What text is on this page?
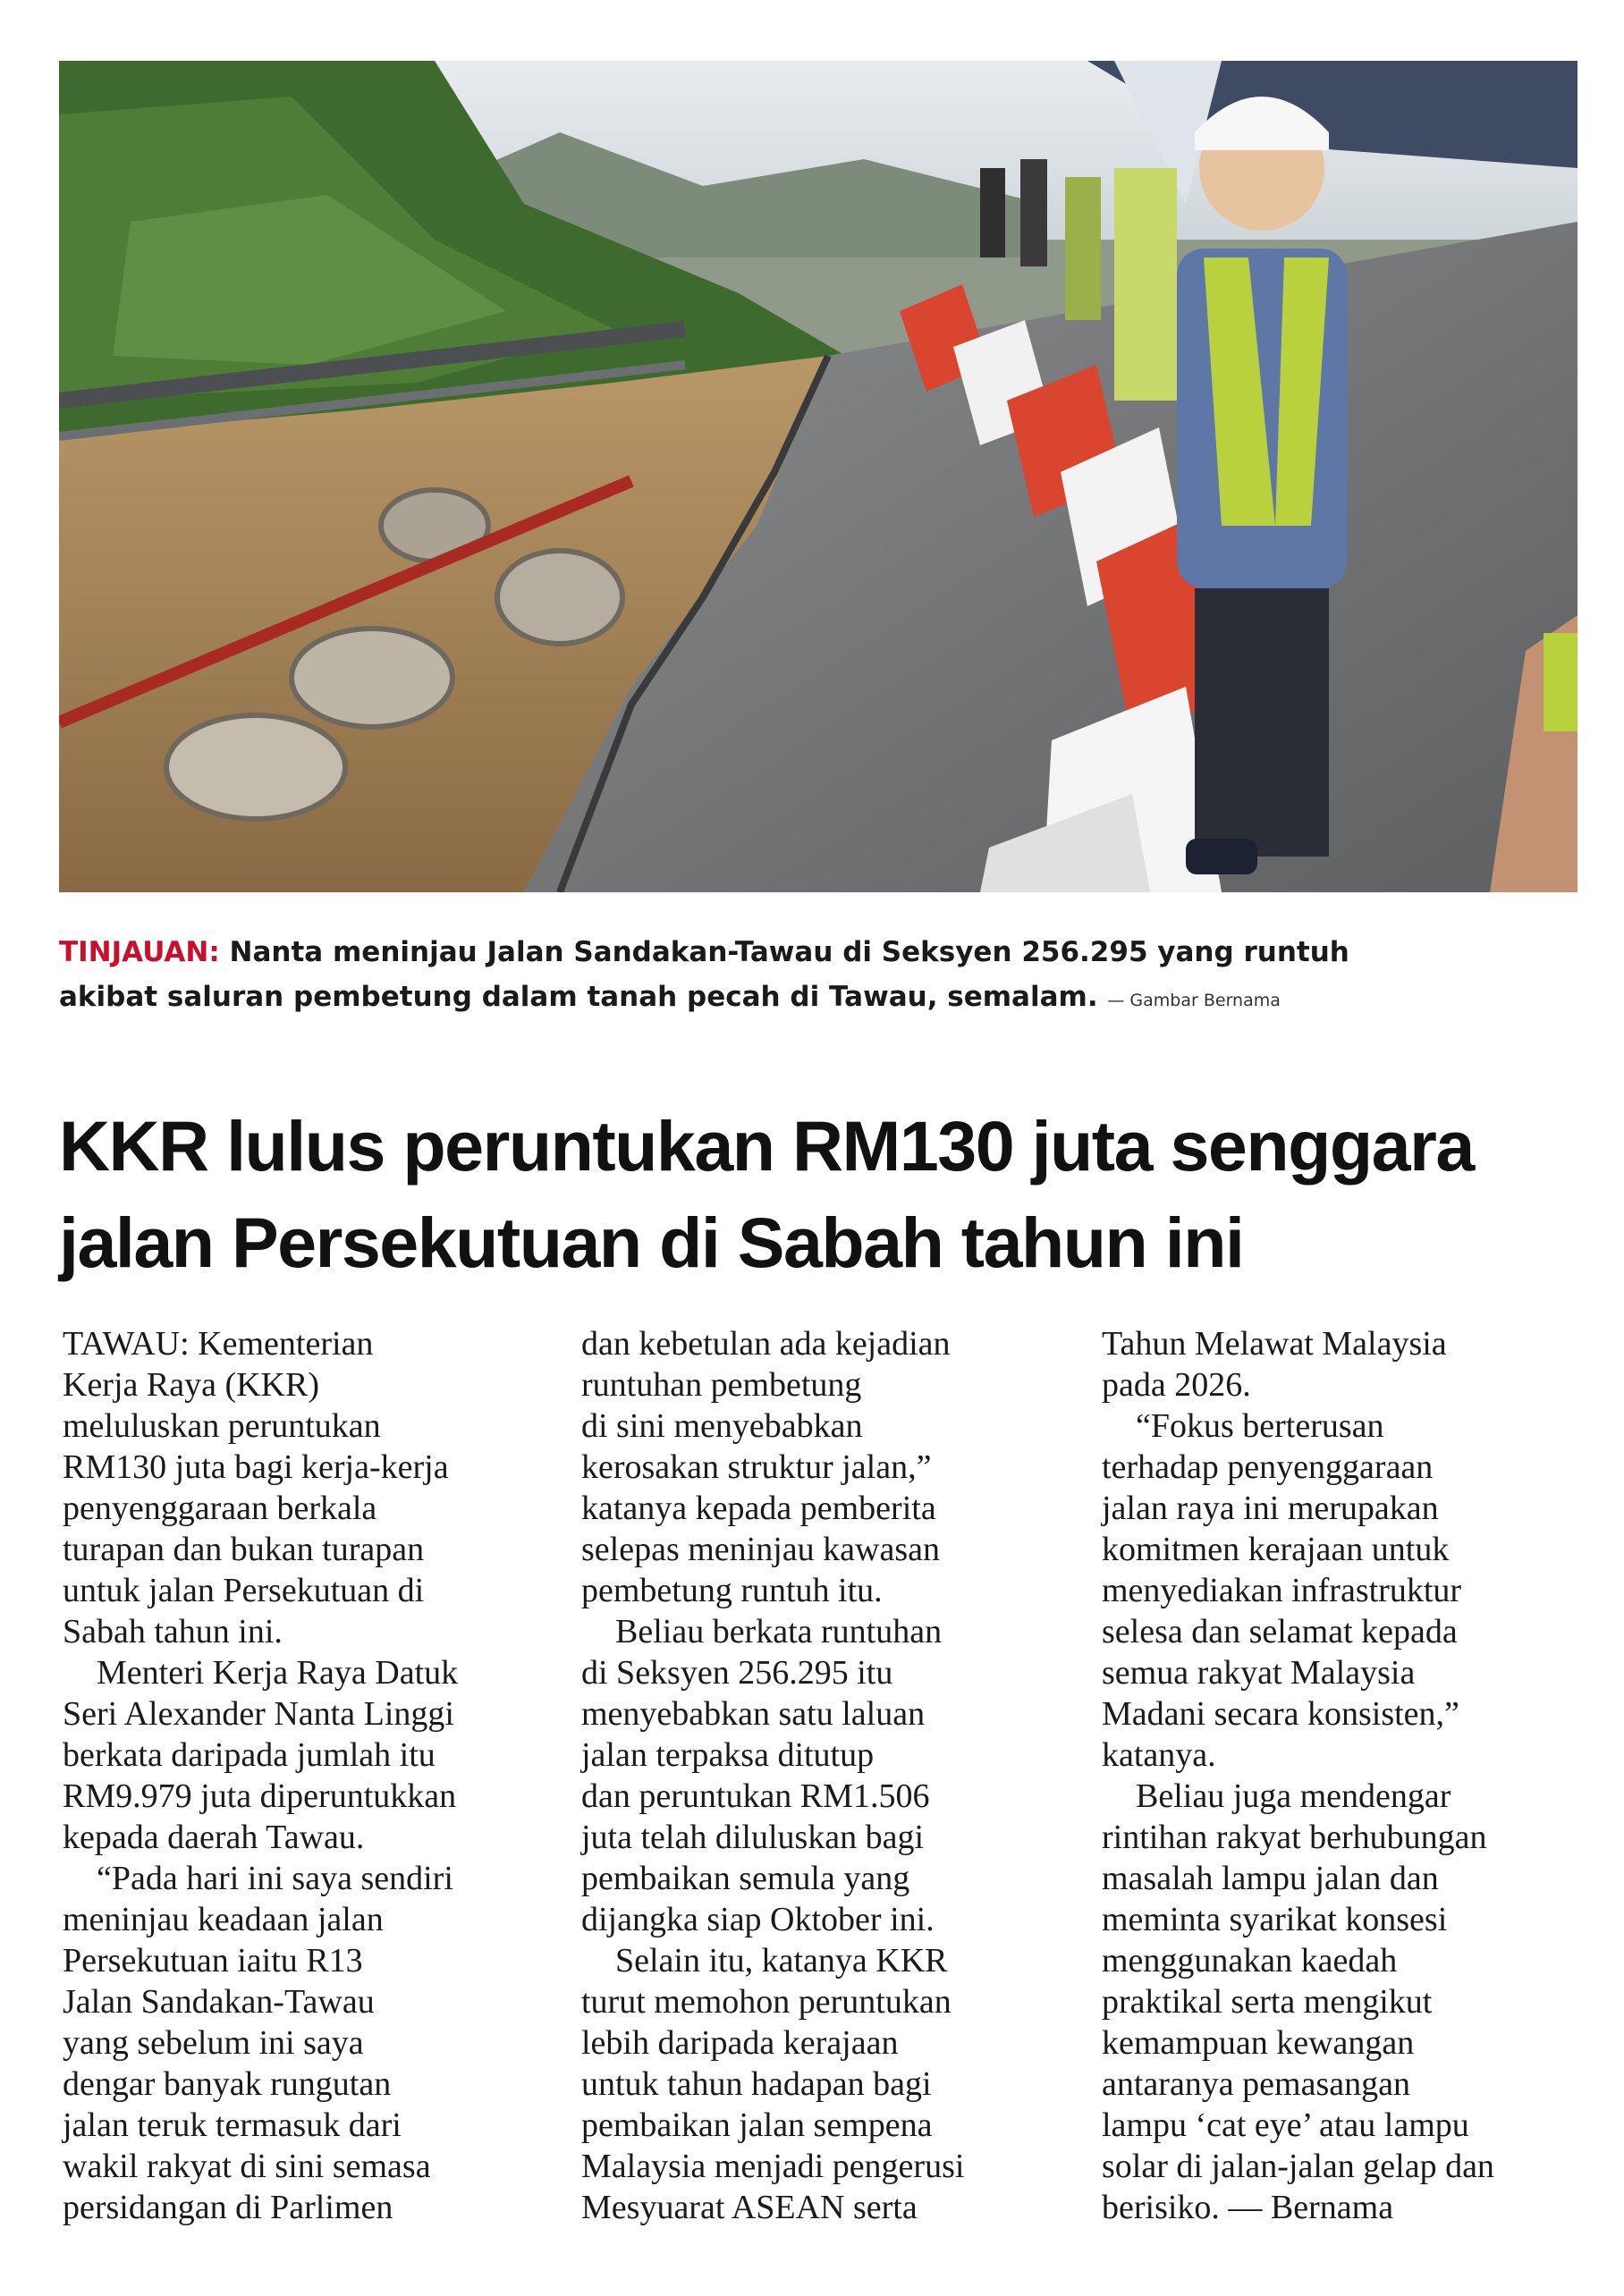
TINJAUAN: Nanta meninjau Jalan Sandakan-Tawau di Seksyen 256.295 yang runtuh
akibat saluran pembetung dalam tanah pecah di Tawau, semalam. — Gambar Bernama
KKR lulus peruntukan RM130 juta senggara
jalan Persekutuan di Sabah tahun ini

TAWAU: Kementerian

Kerja Raya (KKR)

meluluskan peruntukan

RM130 juta bagi kerja-kerja

penyenggaraan berkala

turapan dan bukan turapan

untuk jalan Persekutuan di

Sabah tahun ini.

Menteri Kerja Raya Datuk

Seri Alexander Nanta Linggi

berkata daripada jumlah itu

RM9.979 juta diperuntukkan

kepada daerah Tawau.

“Pada hari ini saya sendiri

meninjau keadaan jalan

Persekutuan iaitu R13

Jalan Sandakan-Tawau

yang sebelum ini saya

dengar banyak rungutan

jalan teruk termasuk dari

wakil rakyat di sini semasa

persidangan di Parlimen

dan kebetulan ada kejadian

runtuhan pembetung

di sini menyebabkan

kerosakan struktur jalan,”

katanya kepada pemberita

selepas meninjau kawasan

pembetung runtuh itu.

Beliau berkata runtuhan

di Seksyen 256.295 itu

menyebabkan satu laluan

jalan terpaksa ditutup

dan peruntukan RM1.506

juta telah diluluskan bagi

pembaikan semula yang

dijangka siap Oktober ini.

Selain itu, katanya KKR

turut memohon peruntukan

lebih daripada kerajaan

untuk tahun hadapan bagi

pembaikan jalan sempena

Malaysia menjadi pengerusi

Mesyuarat ASEAN serta

Tahun Melawat Malaysia

pada 2026.

“Fokus berterusan

terhadap penyenggaraan

jalan raya ini merupakan

komitmen kerajaan untuk

menyediakan infrastruktur

selesa dan selamat kepada

semua rakyat Malaysia

Madani secara konsisten,”

katanya.

Beliau juga mendengar

rintihan rakyat berhubungan

masalah lampu jalan dan

meminta syarikat konsesi

menggunakan kaedah

praktikal serta mengikut

kemampuan kewangan

antaranya pemasangan

lampu ‘cat eye’ atau lampu

solar di jalan-jalan gelap dan

berisiko. — Bernama
